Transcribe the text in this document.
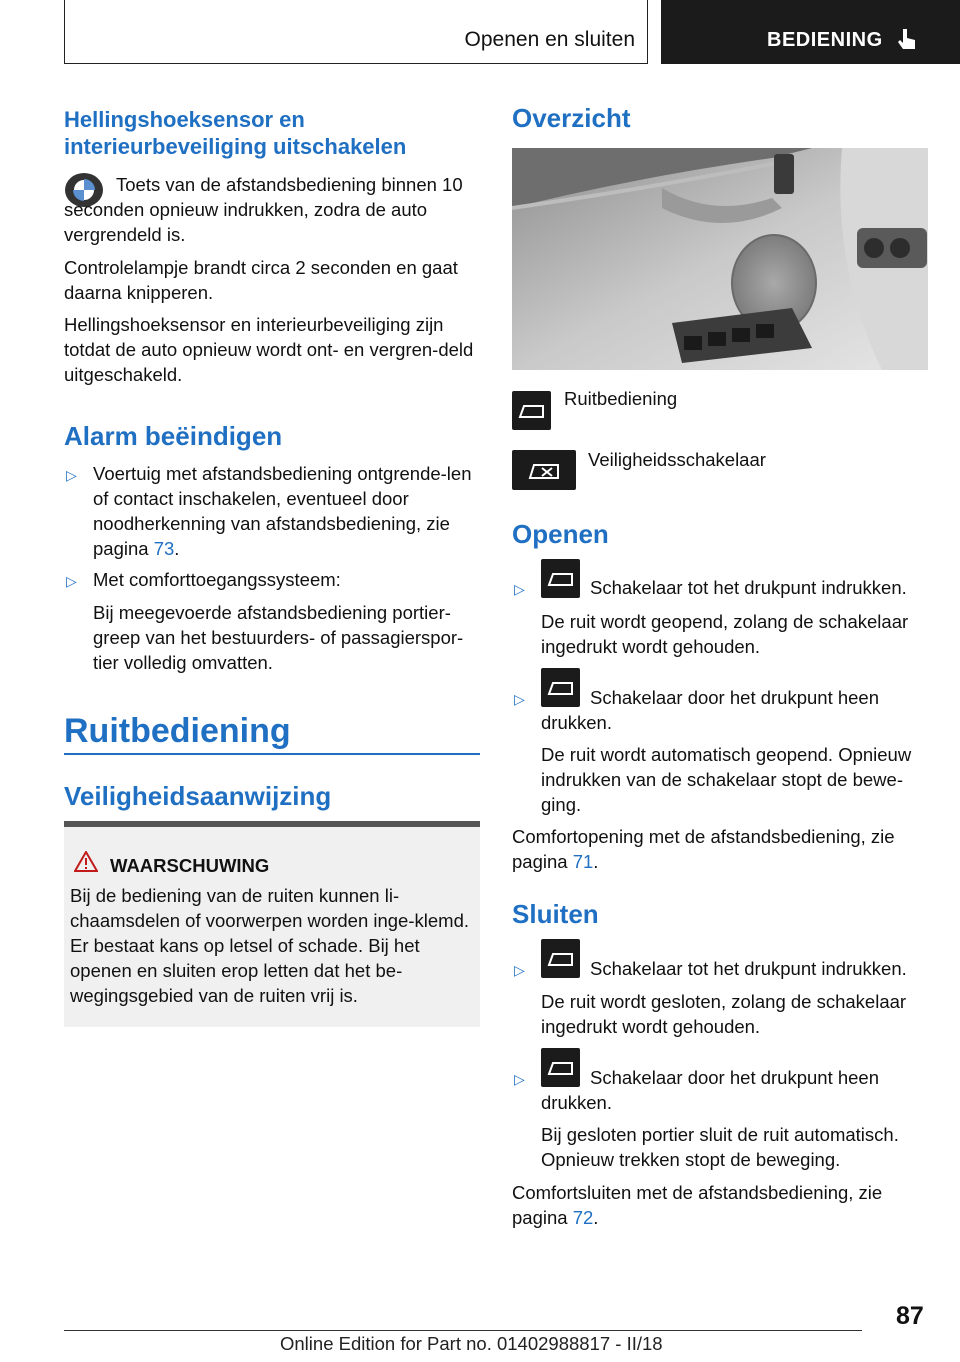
Openen en sluiten	BEDIENING
Hellingshoeksensor en interieurbeveiliging uitschakelen

Toets van de afstandsbediening binnen 10 seconden opnieuw indrukken, zodra de auto vergrendeld is.

Controlelampje brandt circa 2 seconden en gaat daarna knipperen.

Hellingshoeksensor en interieurbeveiliging zijn totdat de auto opnieuw wordt ont- en vergren-deld uitgeschakeld.

Alarm beëindigen
▷ Voertuig met afstandsbediening ontgrende-len of contact inschakelen, eventueel door noodherkenning van afstandsbediening, zie pagina 73.

▷ Met comforttoegangssysteem:

Bij meegevoerde afstandsbediening portier-greep van het bestuurders- of passagierspor-tier volledig omvatten.

Ruitbediening
Veiligheidsaanwijzing
WAARSCHUWING

Bij de bediening van de ruiten kunnen li-chaamsdelen of voorwerpen worden inge-klemd. Er bestaat kans op letsel of schade. Bij het openen en sluiten erop letten dat het be-wegingsgebied van de ruiten vrij is.

Overzicht
Ruitbediening
Veiligheidsschakelaar
Openen
▷	Schakelaar tot het drukpunt indrukken.

De ruit wordt geopend, zolang de schakelaar ingedrukt wordt gehouden.

▷	Schakelaar door het drukpunt heen
drukken.

De ruit wordt automatisch geopend. Opnieuw indrukken van de schakelaar stopt de bewe-ging.

Comfortopening met de afstandsbediening, zie pagina 71.

Sluiten
▷	Schakelaar tot het drukpunt indrukken.

De ruit wordt gesloten, zolang de schakelaar ingedrukt wordt gehouden.

▷	Schakelaar door het drukpunt heen
drukken.

Bij gesloten portier sluit de ruit automatisch. Opnieuw trekken stopt de beweging.

Comfortsluiten met de afstandsbediening, zie pagina 72.

87
Online Edition for Part no. 01402988817 - II/18
